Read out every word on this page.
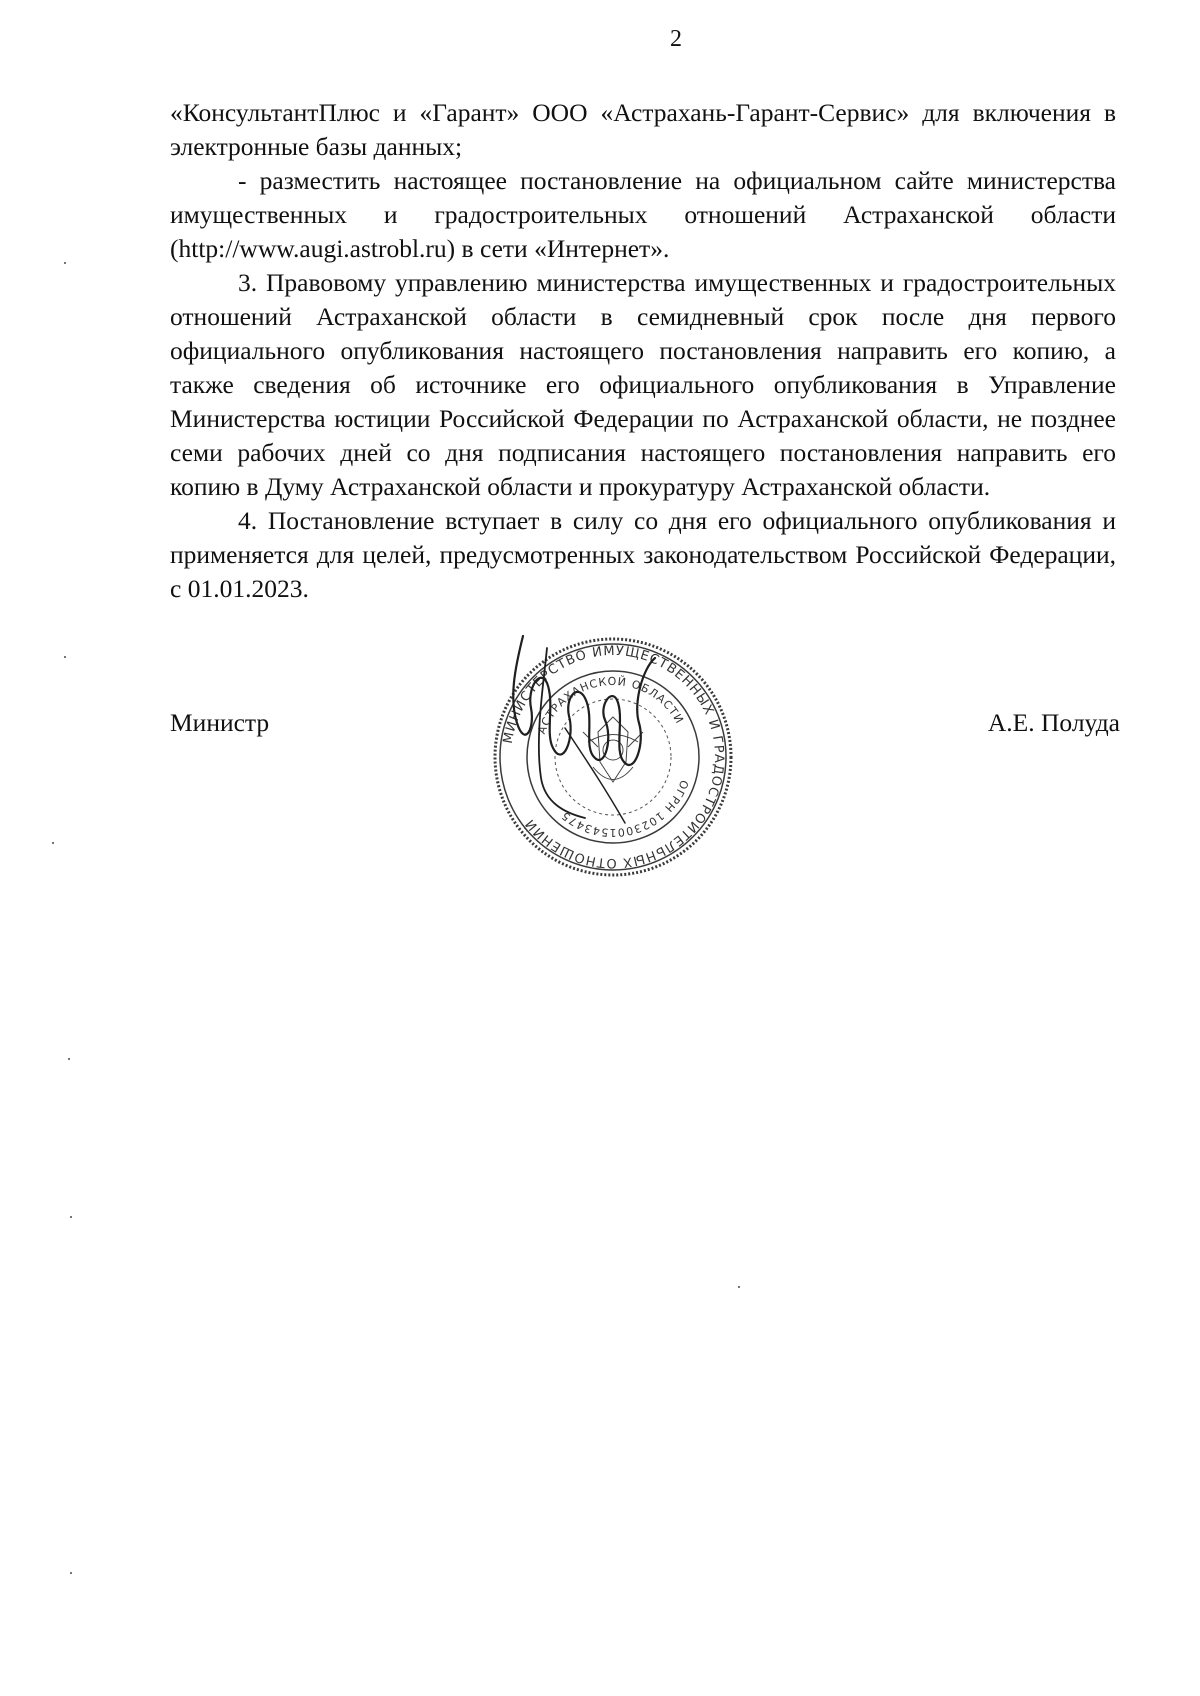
2

«КонсультантПлюс и «Гарант» ООО «Астрахань-Гарант-Сервис» для включения в электронные базы данных;

- разместить настоящее постановление на официальном сайте министерства имущественных и градостроительных отношений Астраханской области (http://www.augi.astrobl.ru) в сети «Интернет».

3. Правовому управлению министерства имущественных и градостроительных отношений Астраханской области в семидневный срок после дня первого официального опубликования настоящего постановления направить его копию, а также сведения об источнике его официального опубликования в Управление Министерства юстиции Российской Федерации по Астраханской области, не позднее семи рабочих дней со дня подписания настоящего постановления направить его копию в Думу Астраханской области и прокуратуру Астраханской области.

4. Постановление вступает в силу со дня его официального опубликования и применяется для целей, предусмотренных законодательством Российской Федерации, с 01.01.2023.

Министр	А.Е. Полуда
МИНИСТЕРСТВО ИМУЩЕСТВЕННЫХ И ГРАДОСТРОИТЕЛЬНЫХ ОТНОШЕНИЙ
АСТРАХАНСКОЙ ОБЛАСТИ
ОГРН 1023001543475
